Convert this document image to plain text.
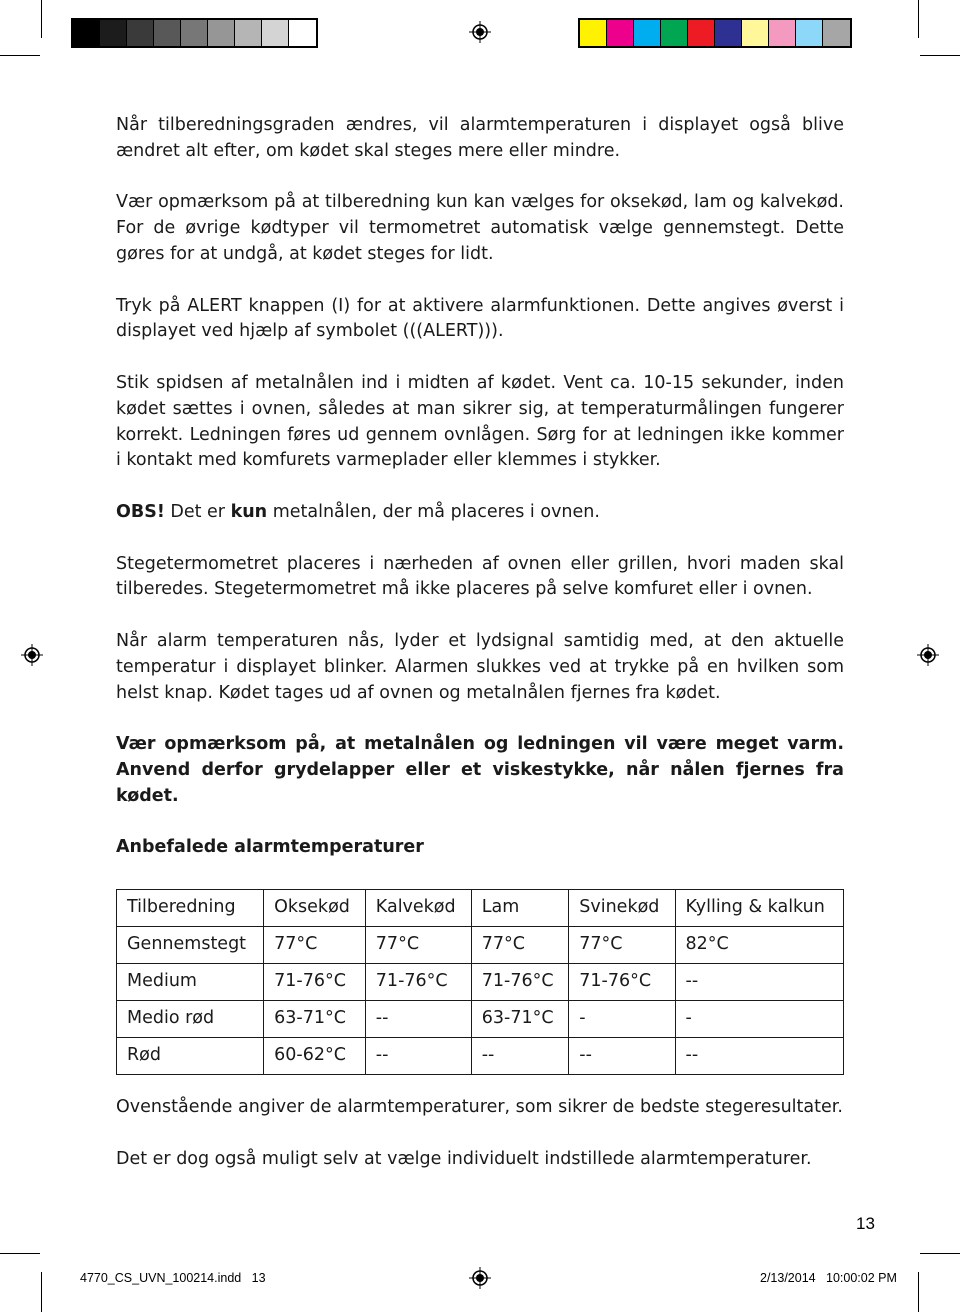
Når tilberedningsgraden ændres, vil alarmtemperaturen i displayet også blive ændret alt efter, om kødet skal steges mere eller mindre.

Vær opmærksom på at tilberedning kun kan vælges for oksekød, lam og kalvekød. For de øvrige kødtyper vil termometret automatisk vælge gennemstegt. Dette gøres for at undgå, at kødet steges for lidt.

Tryk på ALERT knappen (I) for at aktivere alarmfunktionen. Dette angives øverst i displayet ved hjælp af symbolet (((ALERT))).

Stik spidsen af metalnålen ind i midten af kødet. Vent ca. 10-15 sekunder, inden kødet sættes i ovnen, således at man sikrer sig, at temperaturmålingen fungerer korrekt. Ledningen føres ud gennem ovnlågen. Sørg for at ledningen ikke kommer i kontakt med komfurets varmeplader eller klemmes i stykker.

OBS! Det er kun metalnålen, der må placeres i ovnen.

Stegetermometret placeres i nærheden af ovnen eller grillen, hvori maden skal tilberedes. Stegetermometret må ikke placeres på selve komfuret eller i ovnen.

Når alarm temperaturen nås, lyder et lydsignal samtidig med, at den aktuelle temperatur i displayet blinker. Alarmen slukkes ved at trykke på en hvilken som helst knap. Kødet tages ud af ovnen og metalnålen fjernes fra kødet.

Vær opmærksom på, at metalnålen og ledningen vil være meget varm. Anvend derfor grydelapper eller et viskestykke, når nålen fjernes fra kødet.

Anbefalede alarmtemperaturer
Tilberedning	Oksekød	Kalvekød	Lam	Svinekød	Kylling & kalkun
Gennemstegt	77°C	77°C	77°C	77°C	82°C
Medium	71-76°C	71-76°C	71-76°C	71-76°C	--
Medio rød	63-71°C	--	63-71°C	-	-
Rød	60-62°C	--	--	--	--

Ovenstående angiver de alarmtemperaturer, som sikrer de bedste stegeresultater.

Det er dog også muligt selv at vælge individuelt indstillede alarmtemperaturer.

13
4770_CS_UVN_100214.indd   13	2/13/2014   10:00:02 PM
